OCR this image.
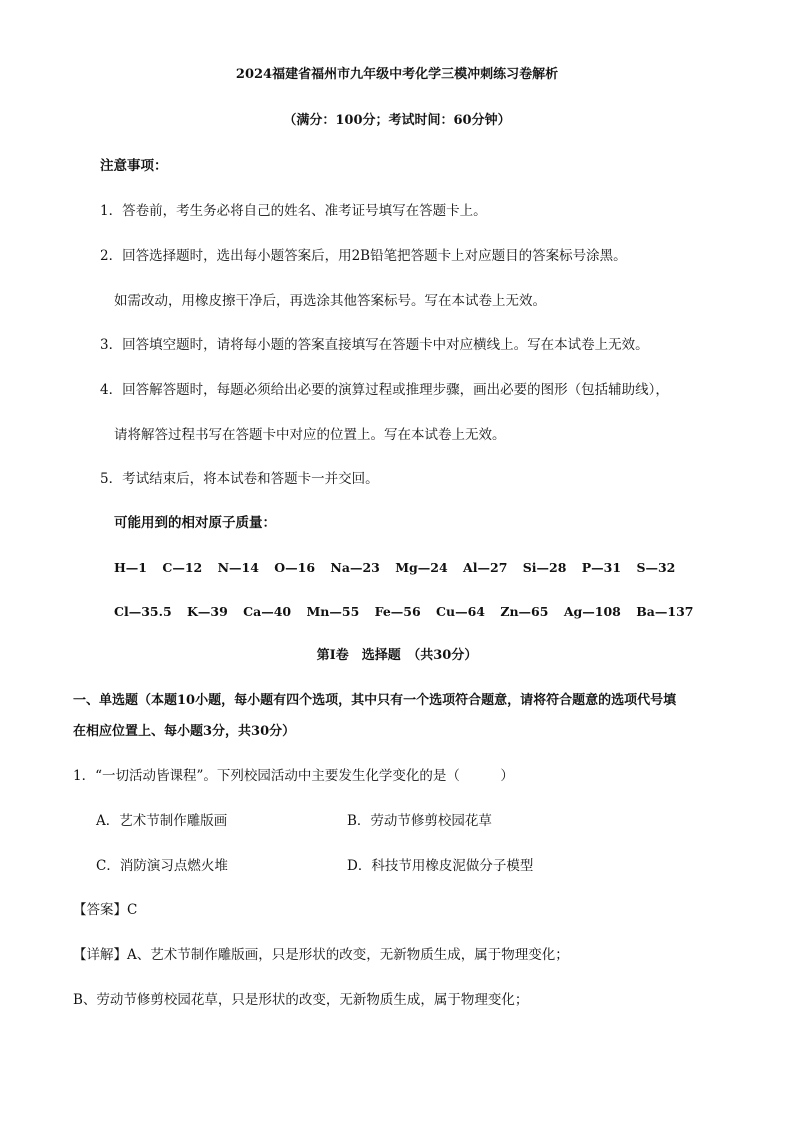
2024福建省福州市九年级中考化学三模冲刺练习卷解析
（满分：100分；考试时间：60分钟）
注意事项：
1．答卷前，考生务必将自己的姓名、准考证号填写在答题卡上。
2．回答选择题时，选出每小题答案后，用2B铅笔把答题卡上对应题目的答案标号涂黑。
如需改动，用橡皮擦干净后，再选涂其他答案标号。写在本试卷上无效。
3．回答填空题时，请将每小题的答案直接填写在答题卡中对应横线上。写在本试卷上无效。
4．回答解答题时，每题必须给出必要的演算过程或推理步骤，画出必要的图形（包括辅助线），
请将解答过程书写在答题卡中对应的位置上。写在本试卷上无效。
5．考试结束后，将本试卷和答题卡一并交回。
可能用到的相对原子质量：
H—1 C—12 N—14 O—16 Na—23 Mg—24 Al—27 Si—28 P—31 S—32
Cl—35.5 K—39 Ca—40 Mn—55 Fe—56 Cu—64 Zn—65 Ag—108 Ba—137
第Ⅰ卷　选择题　（共30分）
一、单选题（本题10小题，每小题有四个选项，其中只有一个选项符合题意，请将符合题意的选项代号填
在相应位置上、每小题3分，共30分）
1．“一切活动皆课程”。下列校园活动中主要发生化学变化的是（　　　）
A．艺术节制作雕版画	B．劳动节修剪校园花草
C．消防演习点燃火堆	D．科技节用橡皮泥做分子模型
【答案】C
【详解】A、艺术节制作雕版画，只是形状的改变，无新物质生成，属于物理变化；
B、劳动节修剪校园花草，只是形状的改变，无新物质生成，属于物理变化；
